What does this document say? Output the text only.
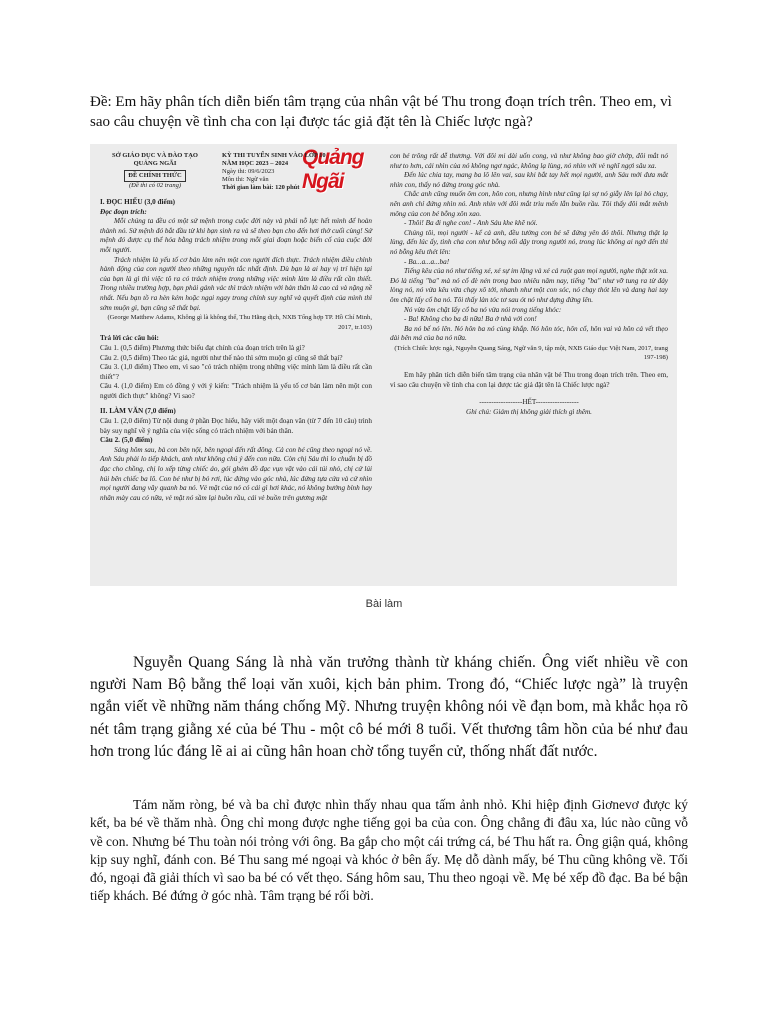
Đề: Em hãy phân tích diễn biến tâm trạng của nhân vật bé Thu trong đoạn trích trên. Theo em, vì sao câu chuyện về tình cha con lại được tác giả đặt tên là Chiếc lược ngà?
Quảng Ngãi
SỞ GIÁO DỤC VÀ ĐÀO TẠO
QUẢNG NGÃI
ĐỀ CHÍNH THỨC
(Đề thi có 02 trang)
KỲ THI TUYỂN SINH VÀO LỚP 10
NĂM HỌC 2023 – 2024
Ngày thi: 09/6/2023
Môn thi: Ngữ văn
Thời gian làm bài: 120 phút
I. ĐỌC HIỂU (3,0 điểm)
Đọc đoạn trích:

Mỗi chúng ta đều có một sứ mệnh trong cuộc đời này và phải nỗ lực hết mình để hoàn thành nó. Sứ mệnh đó bắt đầu từ khi bạn sinh ra và sẽ theo bạn cho đến hơi thở cuối cùng! Sứ mệnh đó được cụ thể hóa bằng trách nhiệm trong mỗi giai đoạn hoặc biến cố của cuộc đời mỗi người.

Trách nhiệm là yếu tố cơ bản làm nên một con người đích thực. Trách nhiệm điều chỉnh hành động của con người theo những nguyên tắc nhất định. Dù bạn là ai hay vị trí hiện tại của bạn là gì thì việc tô ra có trách nhiệm trong những việc mình làm là điều rất cần thiết. Trong nhiều trường hợp, bạn phải gánh vác thì trách nhiệm với bản thân là cao cả và nặng nề nhất. Nếu bạn tồ ra hèn kém hoặc ngại ngay trong chính suy nghĩ và quyết định của mình thì sớm muộn gì, bạn cũng sẽ thất bại.

(George Matthew Adams, Không gì là không thể, Thu Hằng dịch, NXB Tổng hợp TP. Hồ Chí Minh, 2017, tr.103)
Trả lời các câu hỏi:

Câu 1. (0,5 điểm) Phương thức biểu đạt chính của đoạn trích trên là gì?

Câu 2. (0,5 điểm) Theo tác giả, người như thế nào thì sớm muộn gì cũng sẽ thất bại?

Câu 3. (1,0 điểm) Theo em, vì sao "có trách nhiệm trong những việc mình làm là điều rất cần thiết"?

Câu 4. (1,0 điểm) Em có đồng ý với ý kiến: "Trách nhiệm là yếu tố cơ bản làm nên một con người đích thực" không? Vì sao?

II. LÀM VĂN (7,0 điểm)

Câu 1. (2,0 điểm) Từ nội dung ở phần Đọc hiểu, hãy viết một đoạn văn (từ 7 đến 10 câu) trình bày suy nghĩ về ý nghĩa của việc sống có trách nhiệm với bản thân.

Câu 2. (5,0 điểm)

Sáng hôm sau, bà con bên nội, bên ngoại đến rất đông. Cả con bé cũng theo ngoại nó về. Anh Sáu phải lo tiếp khách, anh như không chú ý đến con nữa. Còn chị Sáu thì lo chuẩn bị đồ đạc cho chồng, chị lo xếp từng chiếc áo, gói ghém đồ đạc vụn vặt vào cái túi nhỏ, chị cứ lúi húi bên chiếc ba lô. Con bé như bị bỏ rơi, lúc đứng vào góc nhà, lúc đứng tựa cửa và cứ nhìn mọi người đang vây quanh ba nó. Vẻ mặt của nó có cái gì hơi khác, nó không bướng bỉnh hay nhăn mày cau có nữa, vẻ mặt nó sầm lại buồn rầu, cái vẻ buồn trên gương mặt

con bé trông rất dễ thương. Với đôi mi dài uốn cong, và như không bao giờ chớp, đôi mắt nó như to hơn, cái nhìn của nó không ngơ ngác, không lạ lùng, nó nhìn với vẻ nghĩ ngợi sâu xa.

Đến lúc chia tay, mang ba lô lên vai, sau khi bắt tay hết mọi người, anh Sáu mới đưa mắt nhìn con, thấy nó đứng trong góc nhà.

Chắc anh cũng muốn ôm con, hôn con, nhưng hình như cũng lại sợ nó giẫy lên lại bỏ chạy, nên anh chỉ đứng nhìn nó. Anh nhìn với đôi mắt trìu mến lẫn buồn rầu. Tôi thấy đôi mắt mênh mông của con bé bỗng xôn xao.

- Thôi! Ba đi nghe con! - Anh Sáu khe khẽ nói.

Chúng tôi, mọi người - kể cả anh, đều tưởng con bé sẽ đứng yên đó thôi. Nhưng thật lạ lùng, đến lúc ấy, tình cha con như bỗng nổi dậy trong người nó, trong lúc không ai ngờ đến thì nó bỗng kêu thét lên:

- Ba...a...a...ba!

Tiếng kêu của nó như tiếng xé, xé sự im lặng và xé cả ruột gan mọi người, nghe thật xót xa. Đó là tiếng "ba" mà nó cố đè nén trong bao nhiêu năm nay, tiếng "ba" như vỡ tung ra từ đáy lòng nó, nó vừa kêu vừa chạy xô tới, nhanh như một con sóc, nó chạy thót lên và dang hai tay ôm chặt lấy cổ ba nó. Tôi thấy làn tóc tơ sau ót nó như dựng đứng lên.

Nó vừa ôm chặt lấy cổ ba nó vừa nói trong tiếng khóc:

- Ba! Không cho ba đi nữa! Ba ở nhà với con!

Ba nó bế nó lên. Nó hôn ba nó cùng khắp. Nó hôn tóc, hôn cổ, hôn vai và hôn cả vết thẹo dài bên má của ba nó nữa.

(Trích Chiếc lược ngà, Nguyễn Quang Sáng, Ngữ văn 9, tập một, NXB Giáo dục Việt Nam, 2017, trang 197-198)

Em hãy phân tích diễn biến tâm trạng của nhân vật bé Thu trong đoạn trích trên. Theo em, vì sao câu chuyện về tình cha con lại được tác giả đặt tên là Chiếc lược ngà?

------------------HẾT------------------
Ghi chú: Giám thị không giải thích gì thêm.
Bài làm

Nguyễn Quang Sáng là nhà văn trưởng thành từ kháng chiến. Ông viết nhiều về con người Nam Bộ bằng thể loại văn xuôi, kịch bản phim. Trong đó, “Chiếc lược ngà” là truyện ngắn viết về những năm tháng chống Mỹ. Nhưng truyện không nói về đạn bom, mà khắc họa rõ nét tâm trạng giằng xé của bé Thu - một cô bé mới 8 tuổi. Vết thương tâm hồn của bé như đau hơn trong lúc đáng lẽ ai ai cũng hân hoan chờ tổng tuyển cử, thống nhất đất nước.

Tám năm ròng, bé và ba chỉ được nhìn thấy nhau qua tấm ảnh nhỏ. Khi hiệp định Giơnevơ được ký kết, ba bé về thăm nhà. Ông chỉ mong được nghe tiếng gọi ba của con. Ông chẳng đi đâu xa, lúc nào cũng vỗ về con. Nhưng bé Thu toàn nói trỏng với ông. Ba gắp cho một cái trứng cá, bé Thu hất ra. Ông giận quá, không kịp suy nghĩ, đánh con. Bé Thu sang mé ngoại và khóc ở bên ấy. Mẹ dỗ dành mấy, bé Thu cũng không về. Tối đó, ngoại đã giải thích vì sao ba bé có vết thẹo. Sáng hôm sau, Thu theo ngoại về. Mẹ bé xếp đồ đạc. Ba bé bận tiếp khách. Bé đứng ở góc nhà. Tâm trạng bé rối bời.
